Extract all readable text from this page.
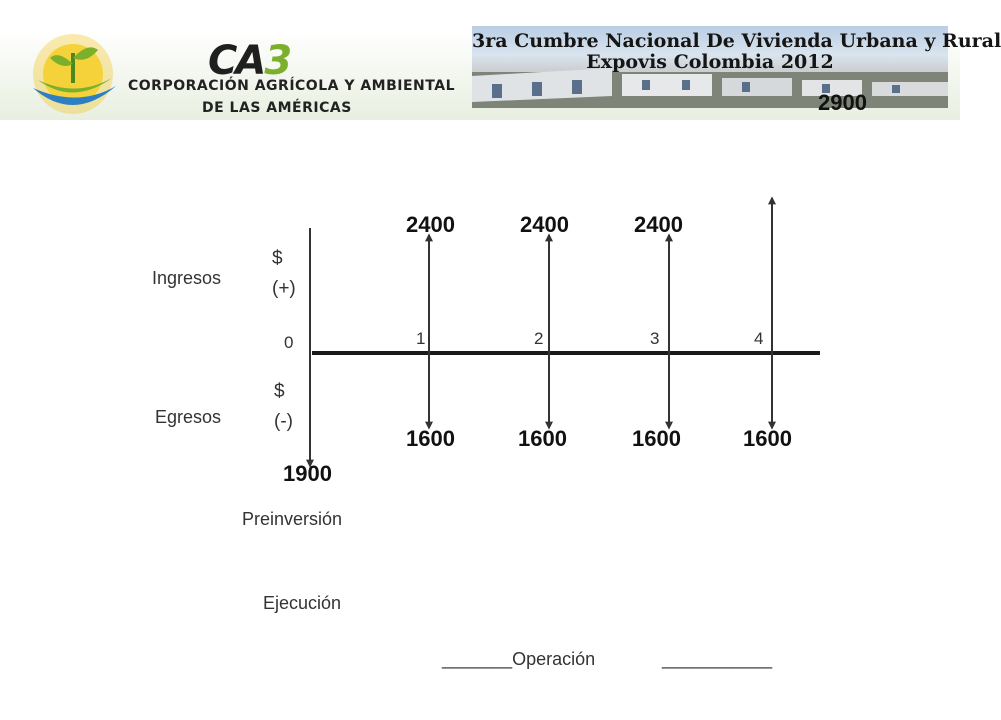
CA3
CORPORACIÓN AGRÍCOLA Y AMBIENTAL
DE LAS AMÉRICAS
3ra Cumbre Nacional De Vivienda Urbana y Rural
Expovis Colombia 2012
Ingresos
Egresos
$
(+)
$
(-)
0	1	2	3	4
2400	2400	2400
2900
1600	1600	1600	1600
1900
Preinversión
Ejecución
_______Operación	___________
